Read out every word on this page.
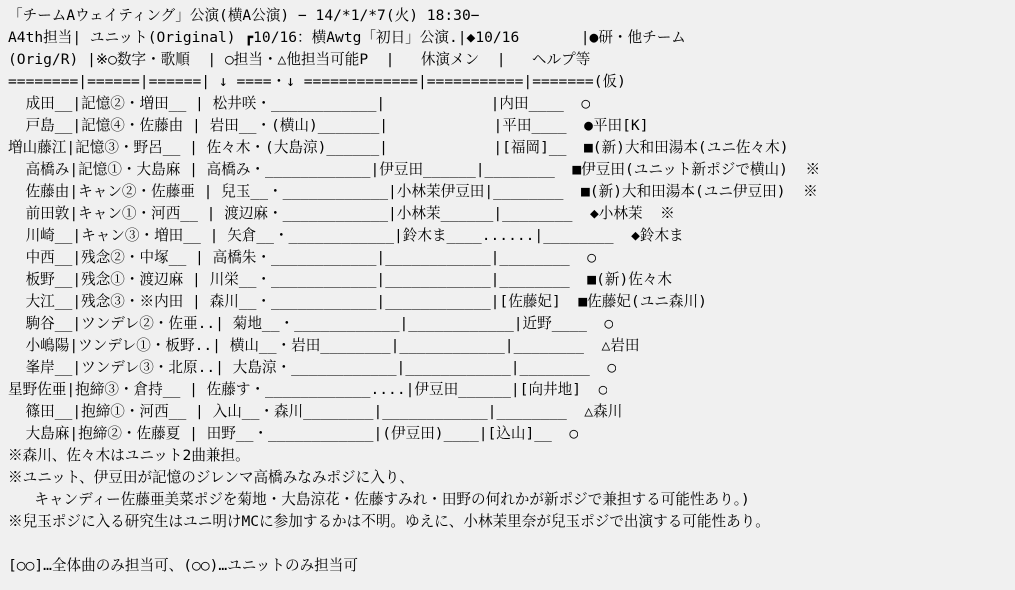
「チームAウェイティング」公演(横A公演) − 14/*1/*7(火) 18:30−
A4th担当| ユニット(Original) ┏10/16：横Awtg「初日」公演.|◆10/16       |●研・他チーム
(Orig/R) |※○数字・歌順  | ○担当・△他担当可能P  |   休演メン  |   ヘルプ等
========|======|======| ↓ ====・↓ =============|===========|=======(仮)
成田__|記憶②・増田__ | 松井咲・____________|            |内田____  ○
戸島__|記憶④・佐藤由 | 岩田__・(横山)_______|            |平田____  ●平田[K]
増山藤江|記憶③・野呂__ | 佐々木・(大島涼)______|            |[福岡]__  ■(新)大和田湯本(ユニ佐々木)
高橋み|記憶①・大島麻 | 高橋み・____________|伊豆田______|________  ■伊豆田(ユニット新ポジで横山)  ※
佐藤由|キャン②・佐藤亜 | 兒玉__・____________|小林茉伊豆田|________  ■(新)大和田湯本(ユニ伊豆田)  ※
前田敦|キャン①・河西__ | 渡辺麻・____________|小林茉______|________  ◆小林茉  ※
川崎__|キャン③・増田__ | 矢倉__・____________|鈴木ま____......|________  ◆鈴木ま
中西__|残念②・中塚__ | 高橋朱・____________|____________|________  ○
板野__|残念①・渡辺麻 | 川栄__・____________|____________|________  ■(新)佐々木
大江__|残念③・※内田 | 森川__・____________|____________|[佐藤妃]  ■佐藤妃(ユニ森川)
駒谷__|ツンデレ②・佐亜..| 菊地__・____________|____________|近野____  ○
小嶋陽|ツンデレ①・板野..| 横山__・岩田________|____________|________  △岩田
峯岸__|ツンデレ③・北原..| 大島涼・____________|____________|________  ○
星野佐亜|抱締③・倉持__ | 佐藤す・____________....|伊豆田______|[向井地]  ○
篠田__|抱締①・河西__ | 入山__・森川________|____________|________  △森川
大島麻|抱締②・佐藤夏 | 田野__・____________|(伊豆田)____|[込山]__  ○
※森川、佐々木はユニット2曲兼担。
※ユニット、伊豆田が記憶のジレンマ高橋みなみポジに入り、
キャンディー佐藤亜美菜ポジを菊地・大島涼花・佐藤すみれ・田野の何れかが新ポジで兼担する可能性あり。)
※兒玉ポジに入る研究生はユニ明けMCに参加するかは不明。ゆえに、小林茉里奈が兒玉ポジで出演する可能性あり。
[○○]…全体曲のみ担当可、(○○)…ユニットのみ担当可
